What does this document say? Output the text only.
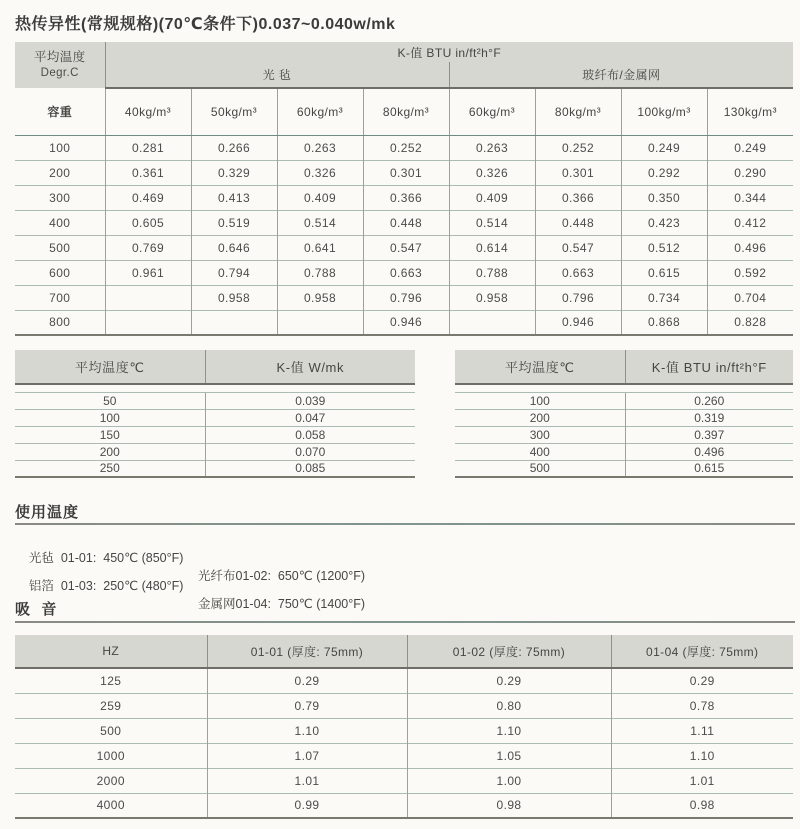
热传异性(常规规格)(70℃条件下)0.037~0.040w/mk
平均温度
Degr.C	K-值 BTU in/ft²h°F							
	光 毡				玻纤布/金属网			
容重	40kg/m³	50kg/m³	60kg/m³	80kg/m³	60kg/m³	80kg/m³	100kg/m³	130kg/m³
100	0.281	0.266	0.263	0.252	0.263	0.252	0.249	0.249
200	0.361	0.329	0.326	0.301	0.326	0.301	0.292	0.290
300	0.469	0.413	0.409	0.366	0.409	0.366	0.350	0.344
400	0.605	0.519	0.514	0.448	0.514	0.448	0.423	0.412
500	0.769	0.646	0.641	0.547	0.614	0.547	0.512	0.496
600	0.961	0.794	0.788	0.663	0.788	0.663	0.615	0.592
700		0.958	0.958	0.796	0.958	0.796	0.734	0.704
800				0.946		0.946	0.868	0.828
平均温度℃	K-值 W/mk

50	0.039
100	0.047
150	0.058
200	0.070
250	0.085
平均温度℃	K-值 BTU in/ft²h°F

100	0.260
200	0.319
300	0.397
400	0.496
500	0.615
使用温度

光毡  01-01:  450℃ (850°F)

光纤布01-02:  650℃ (1200°F)

铝箔  01-03:  250℃ (480°F)

金属网01-04:  750℃ (1400°F)

吸  音
HZ	01-01 (厚度: 75mm)	01-02 (厚度: 75mm)	01-04 (厚度: 75mm)
125	0.29	0.29	0.29
259	0.79	0.80	0.78
500	1.10	1.10	1.11
1000	1.07	1.05	1.10
2000	1.01	1.00	1.01
4000	0.99	0.98	0.98
